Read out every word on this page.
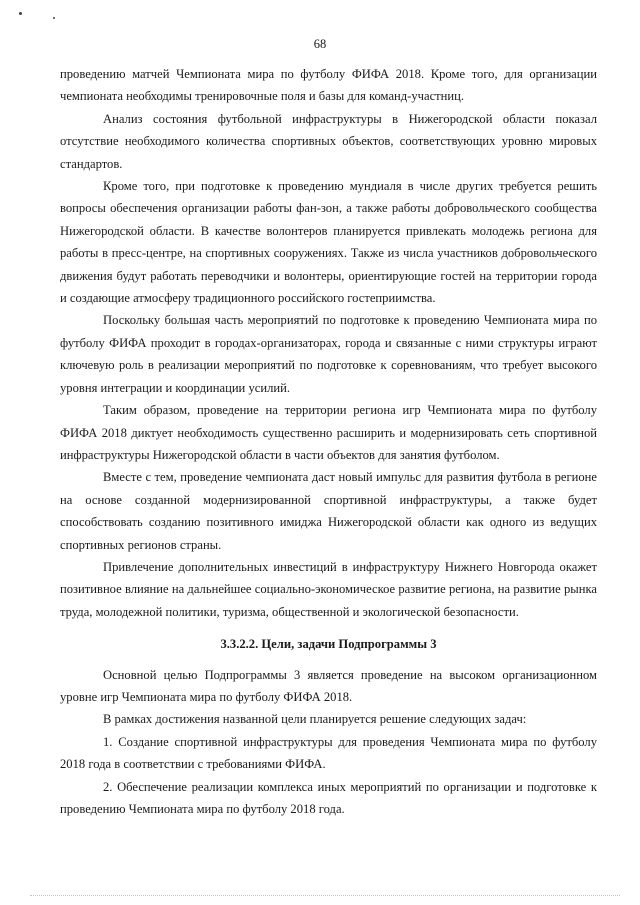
68

проведению матчей Чемпионата мира по футболу ФИФА 2018. Кроме того, для организации чемпионата необходимы тренировочные поля и базы для команд-участниц.

Анализ состояния футбольной инфраструктуры в Нижегородской области показал отсутствие необходимого количества спортивных объектов, соответствующих уровню мировых стандартов.

Кроме того, при подготовке к проведению мундиаля в числе других требуется решить вопросы обеспечения организации работы фан-зон, а также работы добровольческого сообщества Нижегородской области. В качестве волонтеров планируется привлекать молодежь региона для работы в пресс-центре, на спортивных сооружениях. Также из числа участников добровольческого движения будут работать переводчики и волонтеры, ориентирующие гостей на территории города и создающие атмосферу традиционного российского гостеприимства.

Поскольку большая часть мероприятий по подготовке к проведению Чемпионата мира по футболу ФИФА проходит в городах-организаторах, города и связанные с ними структуры играют ключевую роль в реализации мероприятий по подготовке к соревнованиям, что требует высокого уровня интеграции и координации усилий.

Таким образом, проведение на территории региона игр Чемпионата мира по футболу ФИФА 2018 диктует необходимость существенно расширить и модернизировать сеть спортивной инфраструктуры Нижегородской области в части объектов для занятия футболом.

Вместе с тем, проведение чемпионата даст новый импульс для развития футбола в регионе на основе созданной модернизированной спортивной инфраструктуры, а также будет способствовать созданию позитивного имиджа Нижегородской области как одного из ведущих спортивных регионов страны.

Привлечение дополнительных инвестиций в инфраструктуру Нижнего Новгорода окажет позитивное влияние на дальнейшее социально-экономическое развитие региона, на развитие рынка труда, молодежной политики, туризма, общественной и экологической безопасности.

3.3.2.2. Цели, задачи Подпрограммы 3

Основной целью Подпрограммы 3 является проведение на высоком организационном уровне игр Чемпионата мира по футболу ФИФА 2018.

В рамках достижения названной цели планируется решение следующих задач:

1. Создание спортивной инфраструктуры для проведения Чемпионата мира по футболу 2018 года в соответствии с требованиями ФИФА.

2. Обеспечение реализации комплекса иных мероприятий по организации и подготовке к проведению Чемпионата мира по футболу 2018 года.
